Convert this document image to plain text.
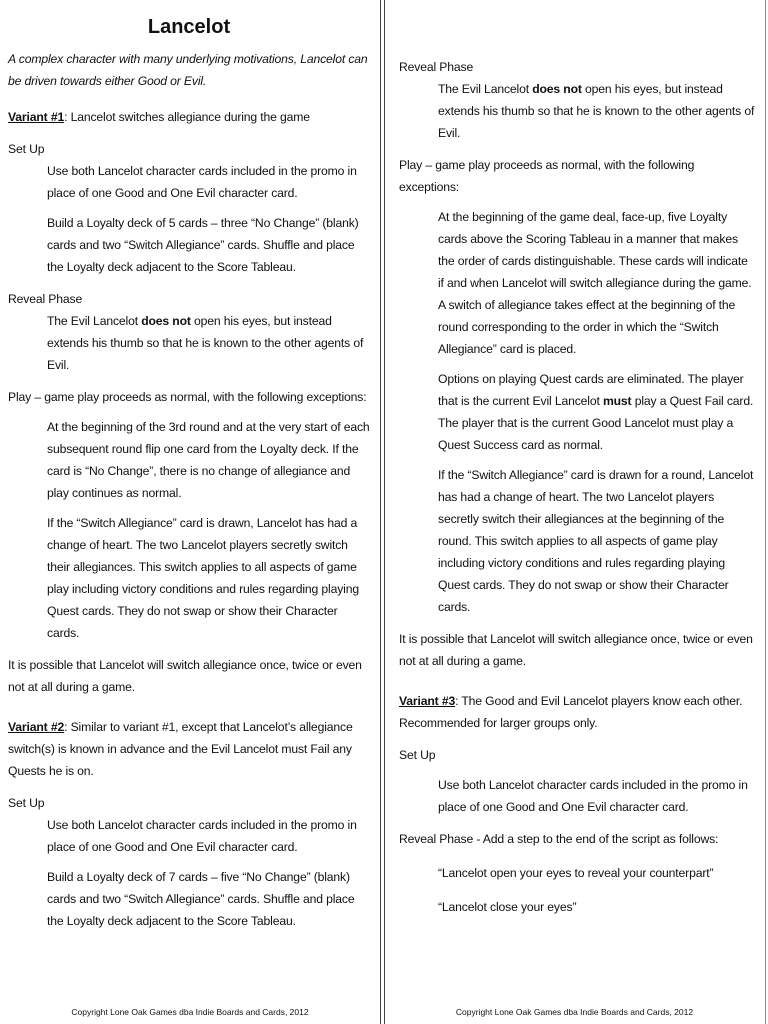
Lancelot

A complex character with many underlying motivations, Lancelot can be driven towards either Good or Evil.

Variant #1: Lancelot switches allegiance during the game

Set Up

Use both Lancelot character cards included in the promo in place of one Good and One Evil character card.

Build a Loyalty deck of 5 cards – three “No Change” (blank) cards and two “Switch Allegiance” cards. Shuffle and place the Loyalty deck adjacent to the Score Tableau.

Reveal Phase

The Evil Lancelot does not open his eyes, but instead extends his thumb so that he is known to the other agents of Evil.

Play – game play proceeds as normal, with the following exceptions:

At the beginning of the 3rd round and at the very start of each subsequent round flip one card from the Loyalty deck. If the card is “No Change”, there is no change of allegiance and play continues as normal.

If the “Switch Allegiance” card is drawn, Lancelot has had a change of heart. The two Lancelot players secretly switch their allegiances. This switch applies to all aspects of game play including victory conditions and rules regarding playing Quest cards. They do not swap or show their Character cards.

It is possible that Lancelot will switch allegiance once, twice or even not at all during a game.

Variant #2: Similar to variant #1, except that Lancelot’s allegiance switch(s) is known in advance and the Evil Lancelot must Fail any Quests he is on.

Set Up

Use both Lancelot character cards included in the promo in place of one Good and One Evil character card.

Build a Loyalty deck of 7 cards – five “No Change” (blank) cards and two “Switch Allegiance” cards. Shuffle and place the Loyalty deck adjacent to the Score Tableau.

Copyright Lone Oak Games dba Indie Boards and Cards, 2012

Reveal Phase

The Evil Lancelot does not open his eyes, but instead extends his thumb so that he is known to the other agents of Evil.

Play – game play proceeds as normal, with the following exceptions:

At the beginning of the game deal, face-up, five Loyalty cards above the Scoring Tableau in a manner that makes the order of cards distinguishable. These cards will indicate if and when Lancelot will switch allegiance during the game. A switch of allegiance takes effect at the beginning of the round corresponding to the order in which the “Switch Allegiance” card is placed.

Options on playing Quest cards are eliminated. The player that is the current Evil Lancelot must play a Quest Fail card. The player that is the current Good Lancelot must play a Quest Success card as normal.

If the “Switch Allegiance” card is drawn for a round, Lancelot has had a change of heart. The two Lancelot players secretly switch their allegiances at the beginning of the round. This switch applies to all aspects of game play including victory conditions and rules regarding playing Quest cards. They do not swap or show their Character cards.

It is possible that Lancelot will switch allegiance once, twice or even not at all during a game.

Variant #3: The Good and Evil Lancelot players know each other. Recommended for larger groups only.

Set Up

Use both Lancelot character cards included in the promo in place of one Good and One Evil character card.

Reveal Phase - Add a step to the end of the script as follows:

“Lancelot open your eyes to reveal your counterpart”

“Lancelot close your eyes”

Copyright Lone Oak Games dba Indie Boards and Cards, 2012
